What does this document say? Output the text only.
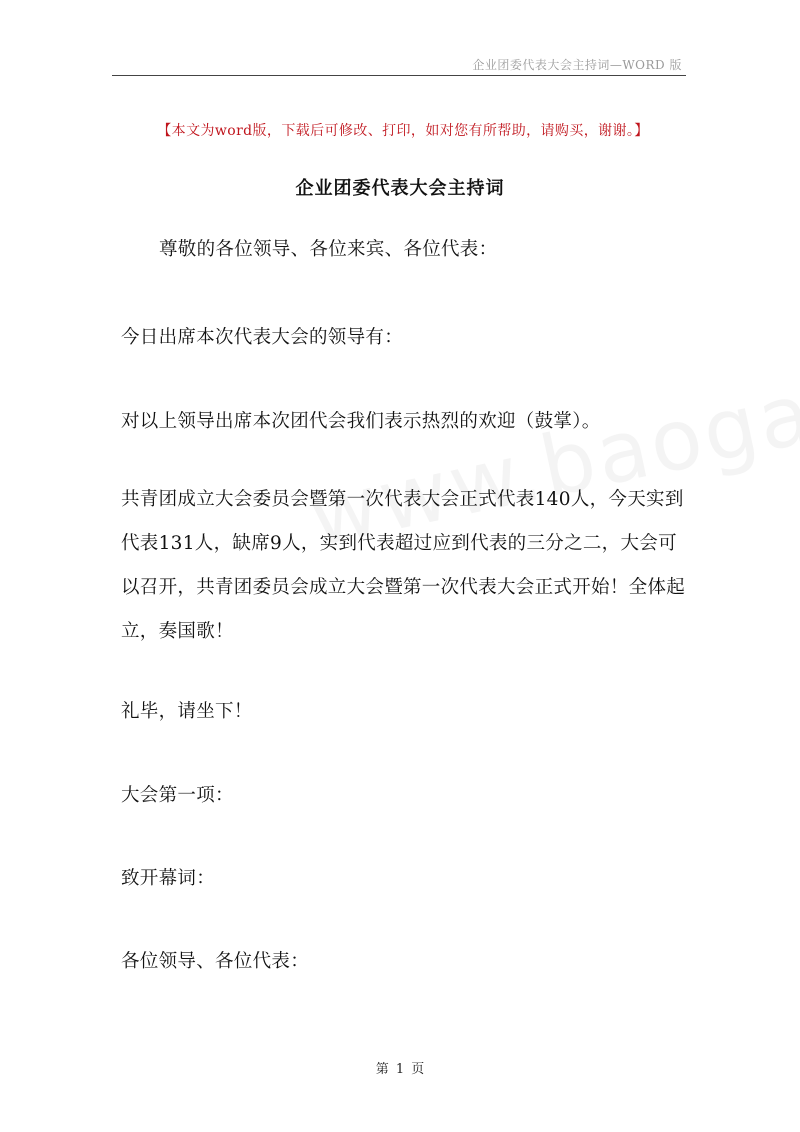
企业团委代表大会主持词—WORD 版
【本文为word版，下载后可修改、打印，如对您有所帮助，请购买，谢谢。】
企业团委代表大会主持词
尊敬的各位领导、各位来宾、各位代表：
今日出席本次代表大会的领导有：
对以上领导出席本次团代会我们表示热烈的欢迎（鼓掌）。
共青团成立大会委员会暨第一次代表大会正式代表140人，今天实到代表131人，缺席9人，实到代表超过应到代表的三分之二，大会可以召开，共青团委员会成立大会暨第一次代表大会正式开始！全体起立，奏国歌！
礼毕，请坐下！
大会第一项：
致开幕词：
各位领导、各位代表：
第 1 页
